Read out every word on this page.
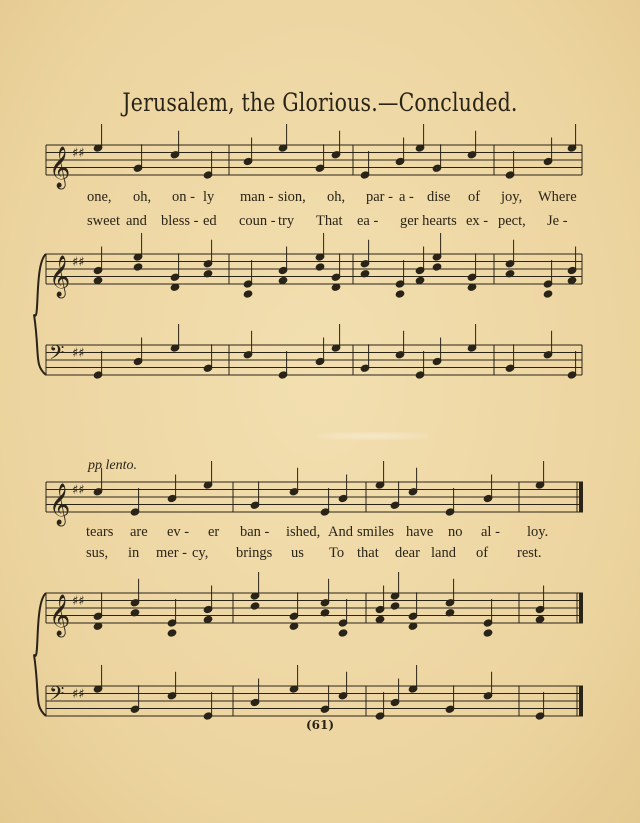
Jerusalem, the Glorious.—Concluded.
𝄞 ♯♯
𝄞 ♯♯
𝄢 ♯♯
𝄞 ♯♯
𝄞 ♯♯
𝄢 ♯♯
one, oh, on - ly man - sion, oh, par - a - dise of joy, Where
sweet and bless - ed coun - try That ea - ger hearts ex - pect, Je -
pp lento.
tears are ev - er ban - ished, And smiles have no al - loy.
sus, in mer - cy, brings us To that dear land of rest.
(61)
